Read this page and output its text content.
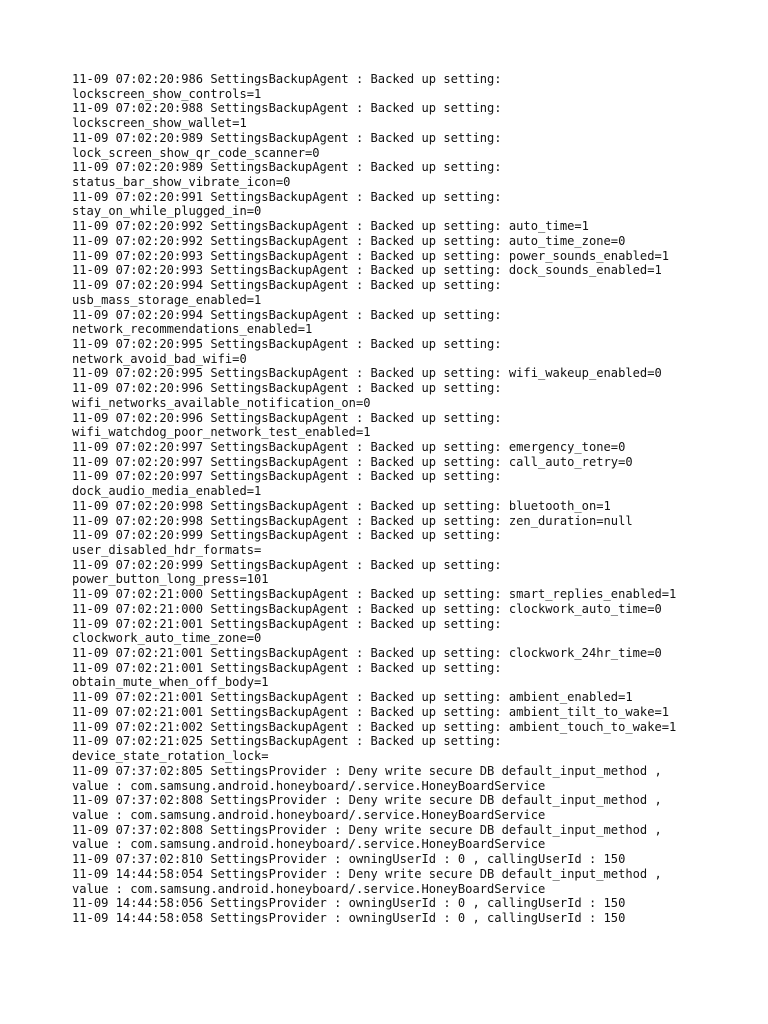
11-09 07:02:20:986 SettingsBackupAgent : Backed up setting:
lockscreen_show_controls=1
11-09 07:02:20:988 SettingsBackupAgent : Backed up setting:
lockscreen_show_wallet=1
11-09 07:02:20:989 SettingsBackupAgent : Backed up setting:
lock_screen_show_qr_code_scanner=0
11-09 07:02:20:989 SettingsBackupAgent : Backed up setting:
status_bar_show_vibrate_icon=0
11-09 07:02:20:991 SettingsBackupAgent : Backed up setting:
stay_on_while_plugged_in=0
11-09 07:02:20:992 SettingsBackupAgent : Backed up setting: auto_time=1
11-09 07:02:20:992 SettingsBackupAgent : Backed up setting: auto_time_zone=0
11-09 07:02:20:993 SettingsBackupAgent : Backed up setting: power_sounds_enabled=1
11-09 07:02:20:993 SettingsBackupAgent : Backed up setting: dock_sounds_enabled=1
11-09 07:02:20:994 SettingsBackupAgent : Backed up setting:
usb_mass_storage_enabled=1
11-09 07:02:20:994 SettingsBackupAgent : Backed up setting:
network_recommendations_enabled=1
11-09 07:02:20:995 SettingsBackupAgent : Backed up setting:
network_avoid_bad_wifi=0
11-09 07:02:20:995 SettingsBackupAgent : Backed up setting: wifi_wakeup_enabled=0
11-09 07:02:20:996 SettingsBackupAgent : Backed up setting:
wifi_networks_available_notification_on=0
11-09 07:02:20:996 SettingsBackupAgent : Backed up setting:
wifi_watchdog_poor_network_test_enabled=1
11-09 07:02:20:997 SettingsBackupAgent : Backed up setting: emergency_tone=0
11-09 07:02:20:997 SettingsBackupAgent : Backed up setting: call_auto_retry=0
11-09 07:02:20:997 SettingsBackupAgent : Backed up setting:
dock_audio_media_enabled=1
11-09 07:02:20:998 SettingsBackupAgent : Backed up setting: bluetooth_on=1
11-09 07:02:20:998 SettingsBackupAgent : Backed up setting: zen_duration=null
11-09 07:02:20:999 SettingsBackupAgent : Backed up setting:
user_disabled_hdr_formats=
11-09 07:02:20:999 SettingsBackupAgent : Backed up setting:
power_button_long_press=101
11-09 07:02:21:000 SettingsBackupAgent : Backed up setting: smart_replies_enabled=1
11-09 07:02:21:000 SettingsBackupAgent : Backed up setting: clockwork_auto_time=0
11-09 07:02:21:001 SettingsBackupAgent : Backed up setting:
clockwork_auto_time_zone=0
11-09 07:02:21:001 SettingsBackupAgent : Backed up setting: clockwork_24hr_time=0
11-09 07:02:21:001 SettingsBackupAgent : Backed up setting:
obtain_mute_when_off_body=1
11-09 07:02:21:001 SettingsBackupAgent : Backed up setting: ambient_enabled=1
11-09 07:02:21:001 SettingsBackupAgent : Backed up setting: ambient_tilt_to_wake=1
11-09 07:02:21:002 SettingsBackupAgent : Backed up setting: ambient_touch_to_wake=1
11-09 07:02:21:025 SettingsBackupAgent : Backed up setting:
device_state_rotation_lock=
11-09 07:37:02:805 SettingsProvider : Deny write secure DB default_input_method ,
value : com.samsung.android.honeyboard/.service.HoneyBoardService
11-09 07:37:02:808 SettingsProvider : Deny write secure DB default_input_method ,
value : com.samsung.android.honeyboard/.service.HoneyBoardService
11-09 07:37:02:808 SettingsProvider : Deny write secure DB default_input_method ,
value : com.samsung.android.honeyboard/.service.HoneyBoardService
11-09 07:37:02:810 SettingsProvider : owningUserId : 0 , callingUserId : 150
11-09 14:44:58:054 SettingsProvider : Deny write secure DB default_input_method ,
value : com.samsung.android.honeyboard/.service.HoneyBoardService
11-09 14:44:58:056 SettingsProvider : owningUserId : 0 , callingUserId : 150
11-09 14:44:58:058 SettingsProvider : owningUserId : 0 , callingUserId : 150
